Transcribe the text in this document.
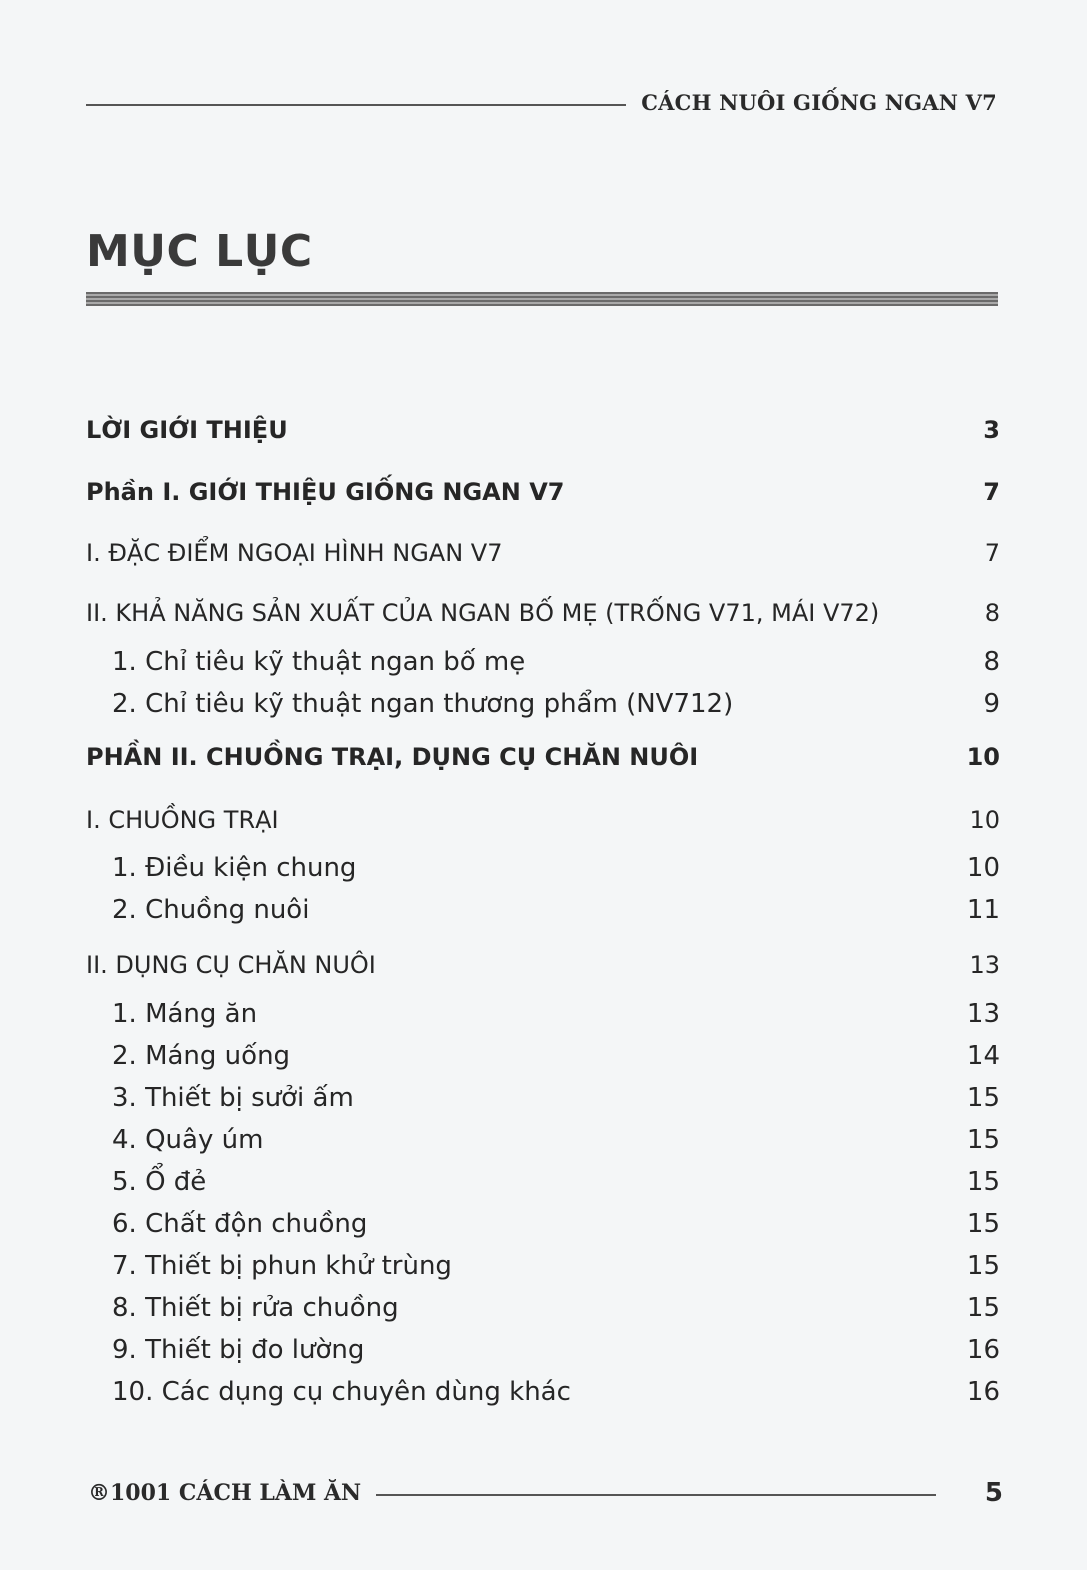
CÁCH NUÔI GIỐNG NGAN V7
MỤC LỤC
LỜI GIỚI THIỆU	3
Phần I. GIỚI THIỆU GIỐNG NGAN V7	7
I. ĐẶC ĐIỂM NGOẠI HÌNH NGAN V7	7
II. KHẢ NĂNG SẢN XUẤT CỦA NGAN BỐ MẸ (TRỐNG V71, MÁI V72)	8
1. Chỉ tiêu kỹ thuật ngan bố mẹ	8
2. Chỉ tiêu kỹ thuật ngan thương phẩm (NV712)	9
PHẦN II. CHUỒNG TRẠI, DỤNG CỤ CHĂN NUÔI	10
I. CHUỒNG TRẠI	10
1. Điều kiện chung	10
2. Chuồng nuôi	11
II. DỤNG CỤ CHĂN NUÔI	13
1. Máng ăn	13
2. Máng uống	14
3. Thiết bị sưởi ấm	15
4. Quây úm	15
5. Ổ đẻ	15
6. Chất độn chuồng	15
7. Thiết bị phun khử trùng	15
8. Thiết bị rửa chuồng	15
9. Thiết bị đo lường	16
10. Các dụng cụ chuyên dùng khác	16
®1001 CÁCH LÀM ĂN	5
